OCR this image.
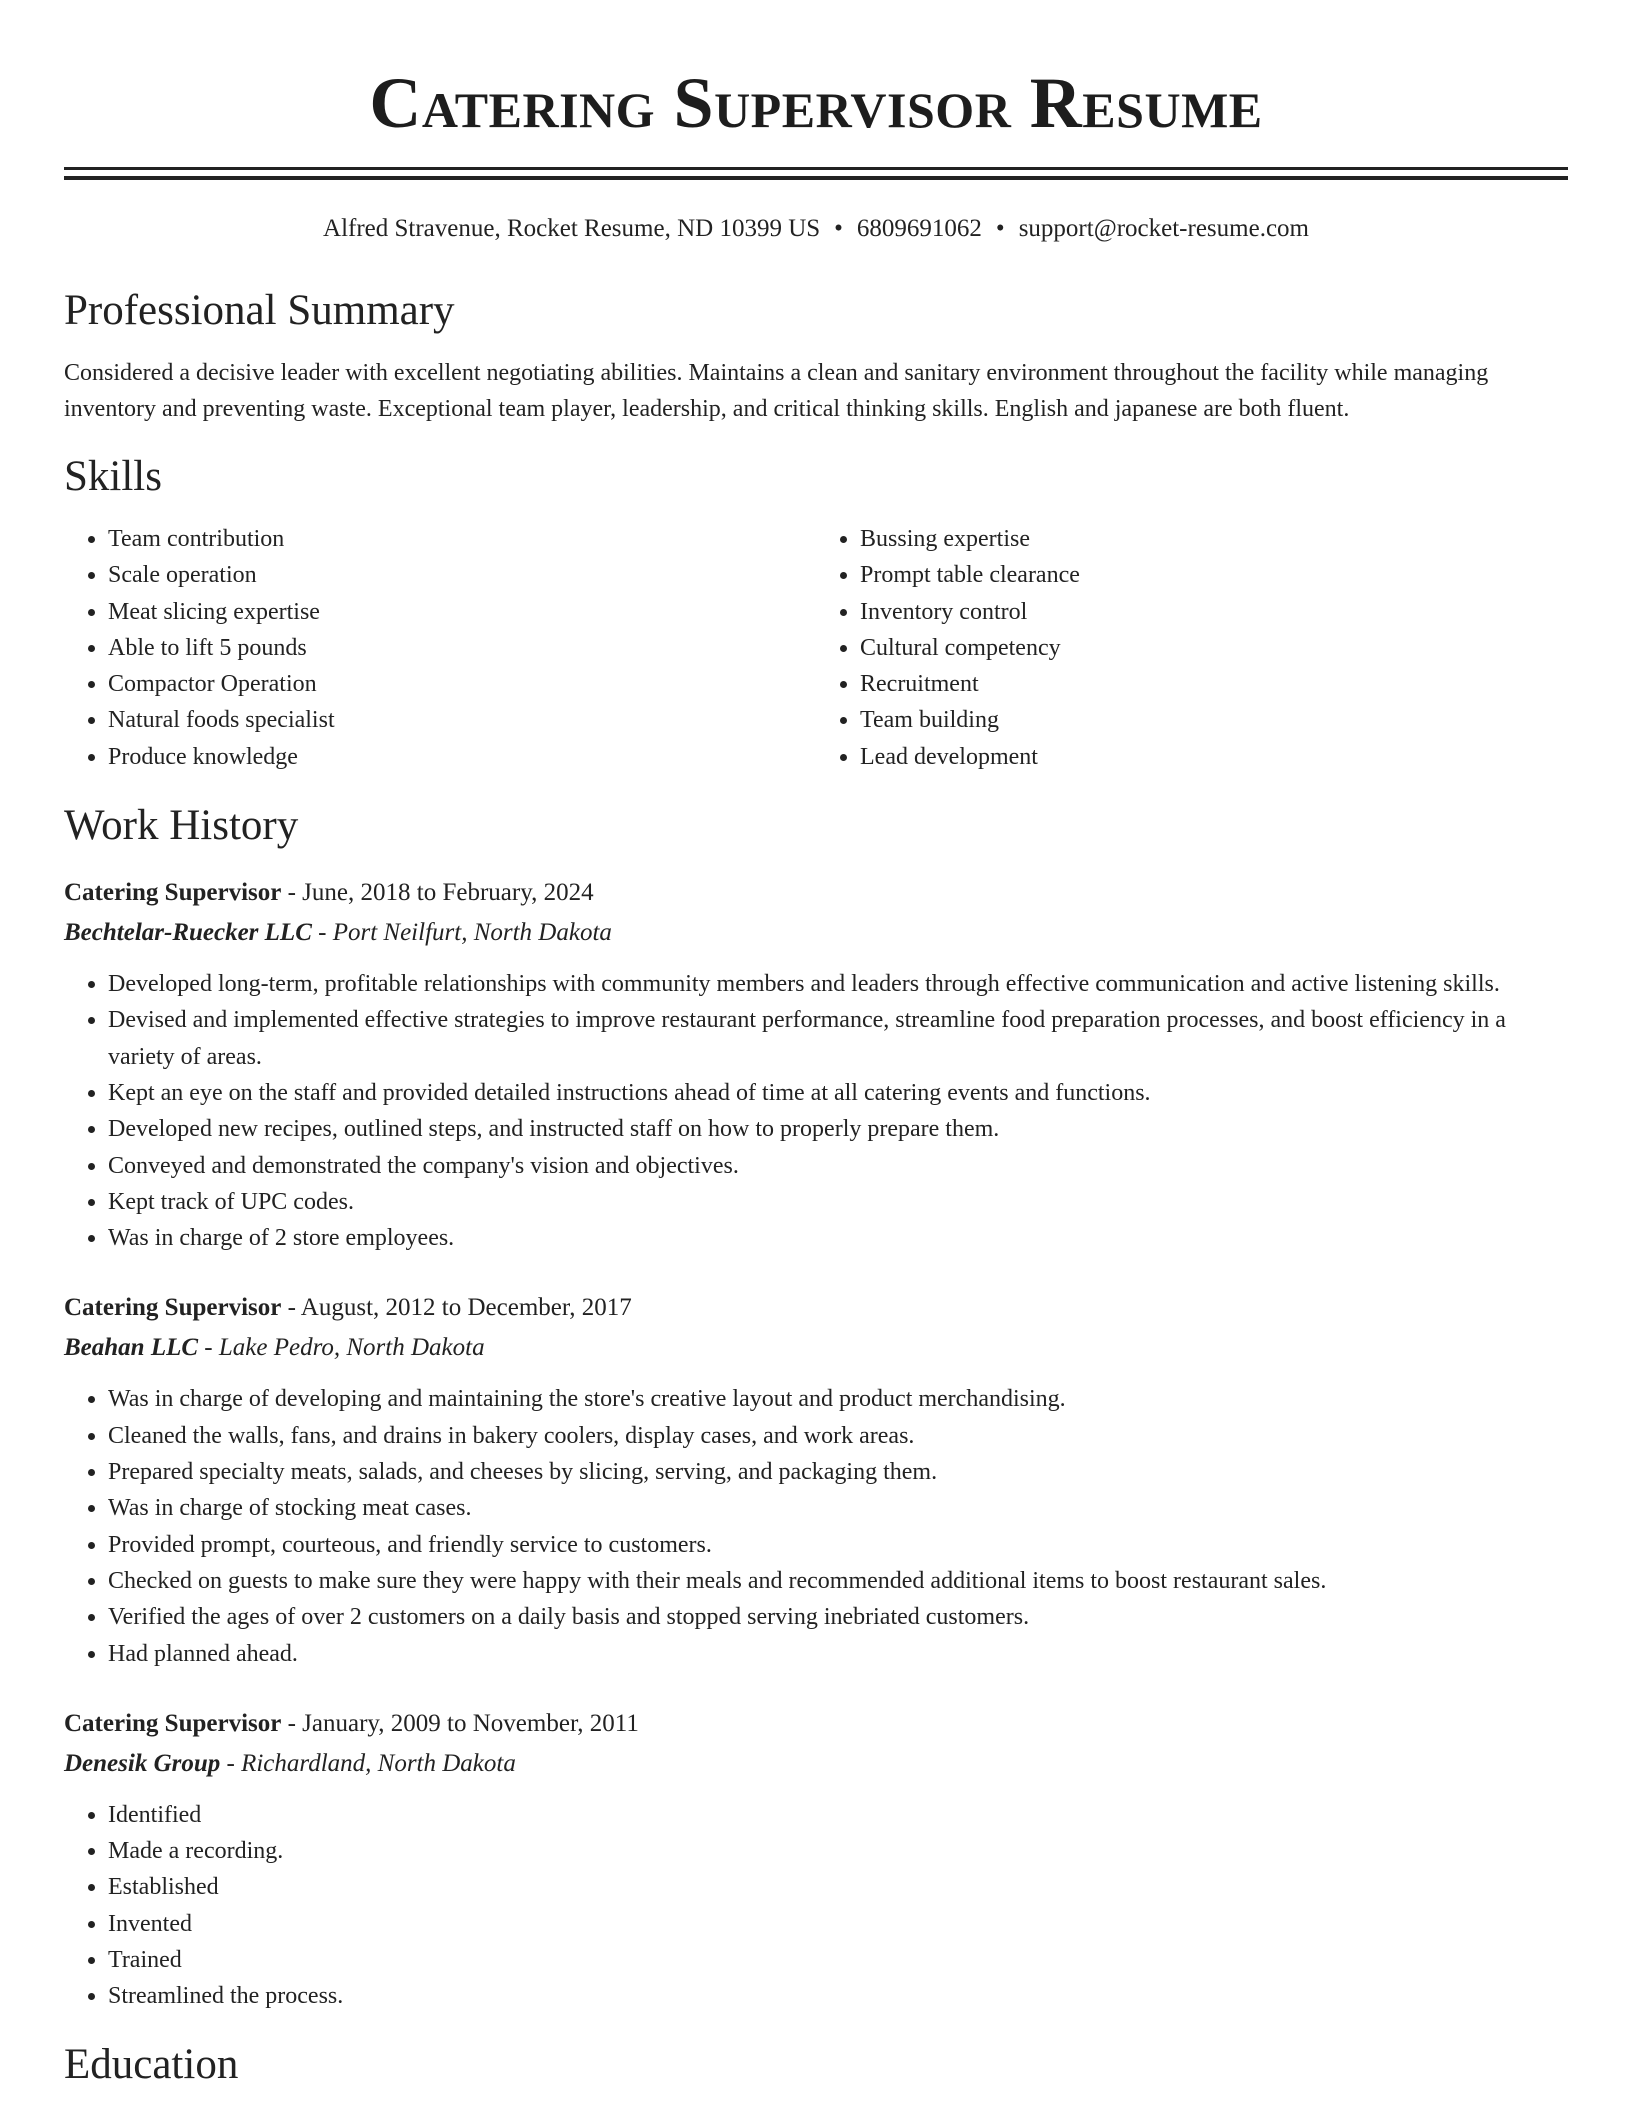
Catering Supervisor Resume
Alfred Stravenue, Rocket Resume, ND 10399 US • 6809691062 • support@rocket-resume.com
Professional Summary

Considered a decisive leader with excellent negotiating abilities. Maintains a clean and sanitary environment throughout the facility while managing inventory and preventing waste. Exceptional team player, leadership, and critical thinking skills. English and japanese are both fluent.

Skills
• Team contribution
• Scale operation
• Meat slicing expertise
• Able to lift 5 pounds
• Compactor Operation
• Natural foods specialist
• Produce knowledge
• Bussing expertise
• Prompt table clearance
• Inventory control
• Cultural competency
• Recruitment
• Team building
• Lead development
Work History
Catering Supervisor - June, 2018 to February, 2024
Bechtelar-Ruecker LLC - Port Neilfurt, North Dakota
• Developed long-term, profitable relationships with community members and leaders through effective communication and active listening skills.
• Devised and implemented effective strategies to improve restaurant performance, streamline food preparation processes, and boost efficiency in a variety of areas.
• Kept an eye on the staff and provided detailed instructions ahead of time at all catering events and functions.
• Developed new recipes, outlined steps, and instructed staff on how to properly prepare them.
• Conveyed and demonstrated the company's vision and objectives.
• Kept track of UPC codes.
• Was in charge of 2 store employees.
Catering Supervisor - August, 2012 to December, 2017
Beahan LLC - Lake Pedro, North Dakota
• Was in charge of developing and maintaining the store's creative layout and product merchandising.
• Cleaned the walls, fans, and drains in bakery coolers, display cases, and work areas.
• Prepared specialty meats, salads, and cheeses by slicing, serving, and packaging them.
• Was in charge of stocking meat cases.
• Provided prompt, courteous, and friendly service to customers.
• Checked on guests to make sure they were happy with their meals and recommended additional items to boost restaurant sales.
• Verified the ages of over 2 customers on a daily basis and stopped serving inebriated customers.
• Had planned ahead.
Catering Supervisor - January, 2009 to November, 2011
Denesik Group - Richardland, North Dakota
• Identified
• Made a recording.
• Established
• Invented
• Trained
• Streamlined the process.
Education
